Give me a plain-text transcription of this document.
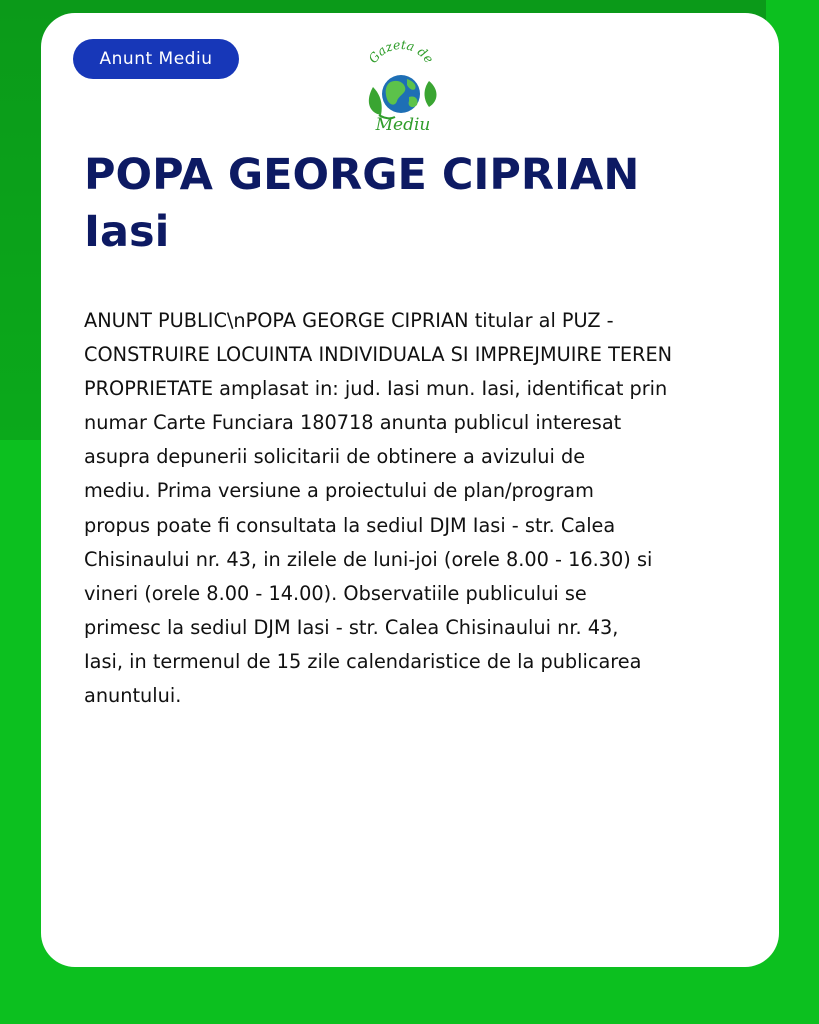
Anunt Mediu	Gazeta de
Mediu
POPA GEORGE CIPRIAN
Iasi
ANUNT PUBLIC\nPOPA GEORGE CIPRIAN titular al PUZ -
CONSTRUIRE LOCUINTA INDIVIDUALA SI IMPREJMUIRE TEREN
PROPRIETATE amplasat in: jud. Iasi mun. Iasi, identificat prin
numar Carte Funciara 180718 anunta publicul interesat
asupra depunerii solicitarii de obtinere a avizului de
mediu. Prima versiune a proiectului de plan/program
propus poate fi consultata la sediul DJM Iasi - str. Calea
Chisinaului nr. 43, in zilele de luni-joi (orele 8.00 - 16.30) si
vineri (orele 8.00 - 14.00). Observatiile publicului se
primesc la sediul DJM Iasi - str. Calea Chisinaului nr. 43,
Iasi, in termenul de 15 zile calendaristice de la publicarea
anuntului.
